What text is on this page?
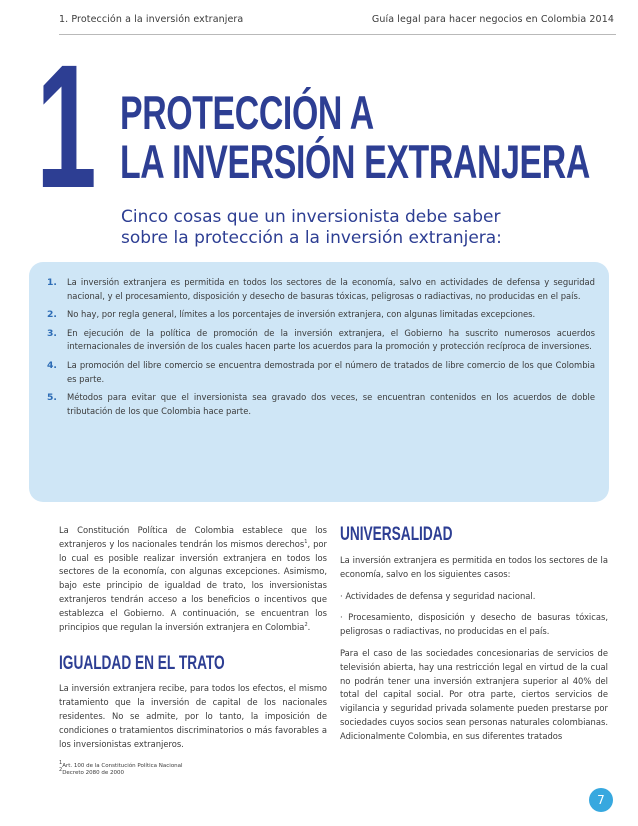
1. Protección a la inversión extranjera	Guía legal para hacer negocios en Colombia 2014
1 PROTECCIÓN A
LA INVERSIÓN EXTRANJERA
Cinco cosas que un inversionista debe saber
sobre la protección a la inversión extranjera:
1. La inversión extranjera es permitida en todos los sectores de la economía, salvo en actividades de defensa y seguridad nacional, y el procesamiento, disposición y desecho de basuras tóxicas, peligrosas o radiactivas, no producidas en el país.
2. No hay, por regla general, límites a los porcentajes de inversión extranjera, con algunas limitadas excepciones.
3. En ejecución de la política de promoción de la inversión extranjera, el Gobierno ha suscrito numerosos acuerdos internacionales de inversión de los cuales hacen parte los acuerdos para la promoción y protección recíproca de inversiones.
4. La promoción del libre comercio se encuentra demostrada por el número de tratados de libre comercio de los que Colombia es parte.
5. Métodos para evitar que el inversionista sea gravado dos veces, se encuentran contenidos en los acuerdos de doble tributación de los que Colombia hace parte.

La Constitución Política de Colombia establece que los extranjeros y los nacionales tendrán los mismos derechos$^1$, por lo cual es posible realizar inversión extranjera en todos los sectores de la economía, con algunas excepciones. Asimismo, bajo este principio de igualdad de trato, los inversionistas extranjeros tendrán acceso a los beneficios o incentivos que establezca el Gobierno. A continuación, se encuentran los principios que regulan la inversión extranjera en Colombia$^2$.

IGUALDAD EN EL TRATO

La inversión extranjera recibe, para todos los efectos, el mismo tratamiento que la inversión de capital de los nacionales residentes. No se admite, por lo tanto, la imposición de condiciones o tratamientos discriminatorios o más favorables a los inversionistas extranjeros.

$^1$Art. 100 de la Constitución Política Nacional

$^2$Decreto 2080 de 2000

UNIVERSALIDAD

La inversión extranjera es permitida en todos los sectores de la economía, salvo en los siguientes casos:

· Actividades de defensa y seguridad nacional.

· Procesamiento, disposición y desecho de basuras tóxicas, peligrosas o radiactivas, no producidas en el país.

Para el caso de las sociedades concesionarias de servicios de televisión abierta, hay una restricción legal en virtud de la cual no podrán tener una inversión extranjera superior al 40% del total del capital social. Por otra parte, ciertos servicios de vigilancia y seguridad privada solamente pueden prestarse por sociedades cuyos socios sean personas naturales colombianas. Adicionalmente Colombia, en sus diferentes tratados

7
